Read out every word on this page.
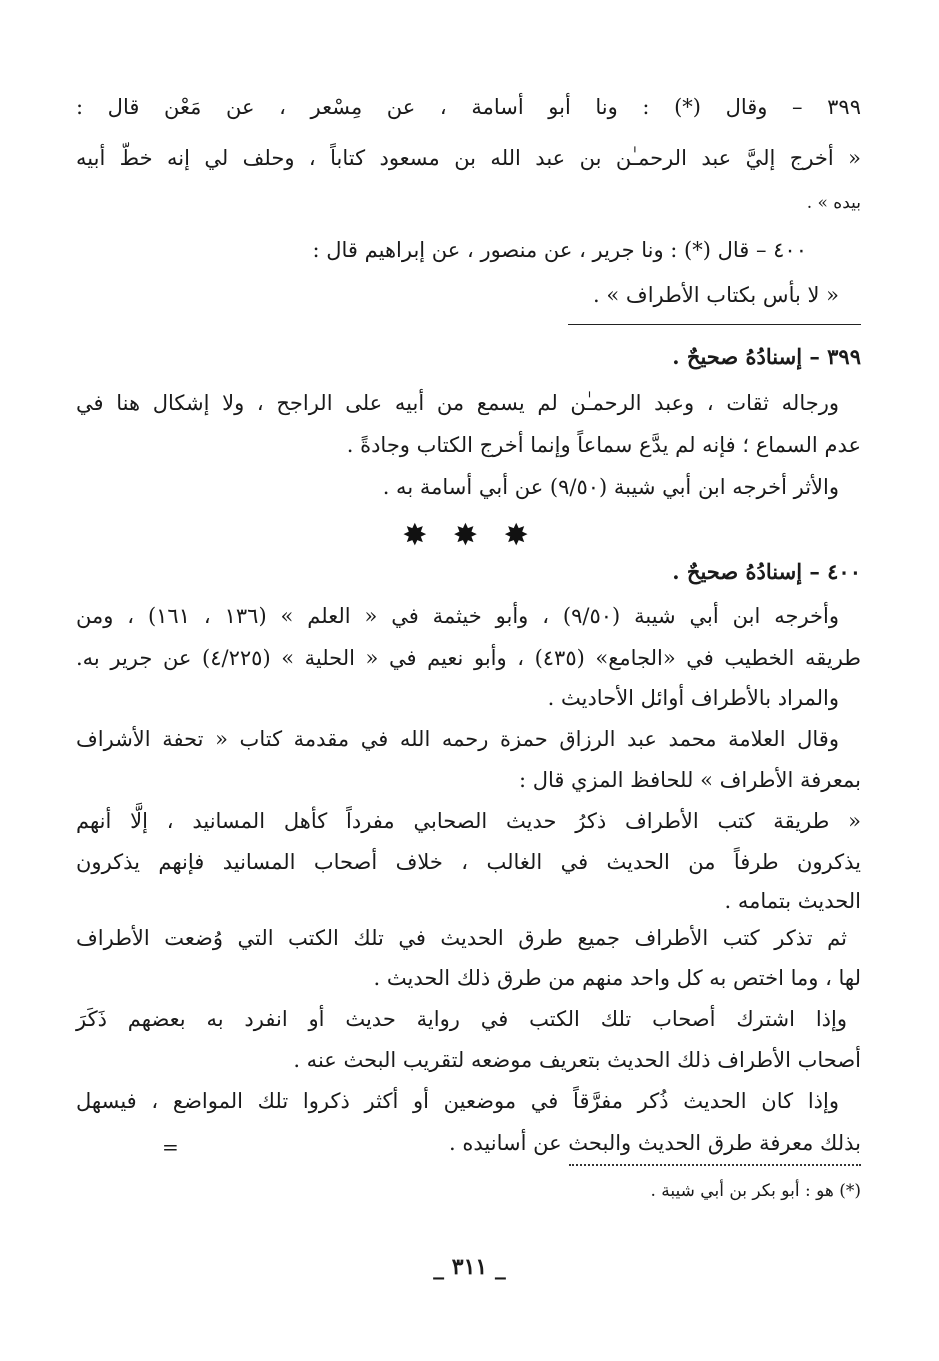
٣٩٩ – وقال (*) : ونا أبو أسامة ، عن مِسْعر ، عن مَعْن قال :
« أخرج إليَّ عبد الرحمـٰن بن عبد الله بن مسعود كتاباً ، وحلف لي إنه خطّ أبيه
بيده » .
٤٠٠ – قال (*) : ونا جرير ، عن منصور ، عن إبراهيم قال :
« لا بأس بكتاب الأطراف » .
٣٩٩ – إسنادُهُ صحيحٌ .
ورجاله ثقات ، وعبد الرحمـٰن لم يسمع من أبيه على الراجح ، ولا إشكال هنا في
عدم السماع ؛ فإنه لم يدَّع سماعاً وإنما أخرج الكتاب وجادةً .
والأثر أخرجه ابن أبي شيبة (٩/٥٠) عن أبي أسامة به .
✸ ✸ ✸
٤٠٠ – إسنادُهُ صحيحٌ .
وأخرجه ابن أبي شيبة (٩/٥٠) ، وأبو خيثمة في « العلم » (١٣٦ ، ١٦١) ، ومن
طريقه الخطيب في «الجامع» (٤٣٥) ، وأبو نعيم في « الحلية » (٤/٢٢٥) عن جرير به.
والمراد بالأطراف أوائل الأحاديث .
وقال العلامة محمد عبد الرزاق حمزة رحمه الله في مقدمة كتاب « تحفة الأشراف
بمعرفة الأطراف » للحافظ المزي قال :
« طريقة كتب الأطراف ذكرُ حديث الصحابي مفرداً كأهل المسانيد ، إلَّا أنهم
يذكرون طرفاً من الحديث في الغالب ، خلاف أصحاب المسانيد فإنهم يذكرون
الحديث بتمامه .
ثم تذكر كتب الأطراف جميع طرق الحديث في تلك الكتب التي وُضعت الأطراف
لها ، وما اختص به كل واحد منهم من طرق ذلك الحديث .
وإذا اشترك أصحاب تلك الكتب في رواية حديث أو انفرد به بعضهم ذَكَرَ
أصحاب الأطراف ذلك الحديث بتعريف موضعه لتقريب البحث عنه .
وإذا كان الحديث ذُكر مفرَّقاً في موضعين أو أكثر ذكروا تلك المواضع ، فيسهل
بذلك معرفة طرق الحديث والبحث عن أسانيده .
=
(*) هو : أبو بكر بن أبي شيبة .
_ ٣١١ _
